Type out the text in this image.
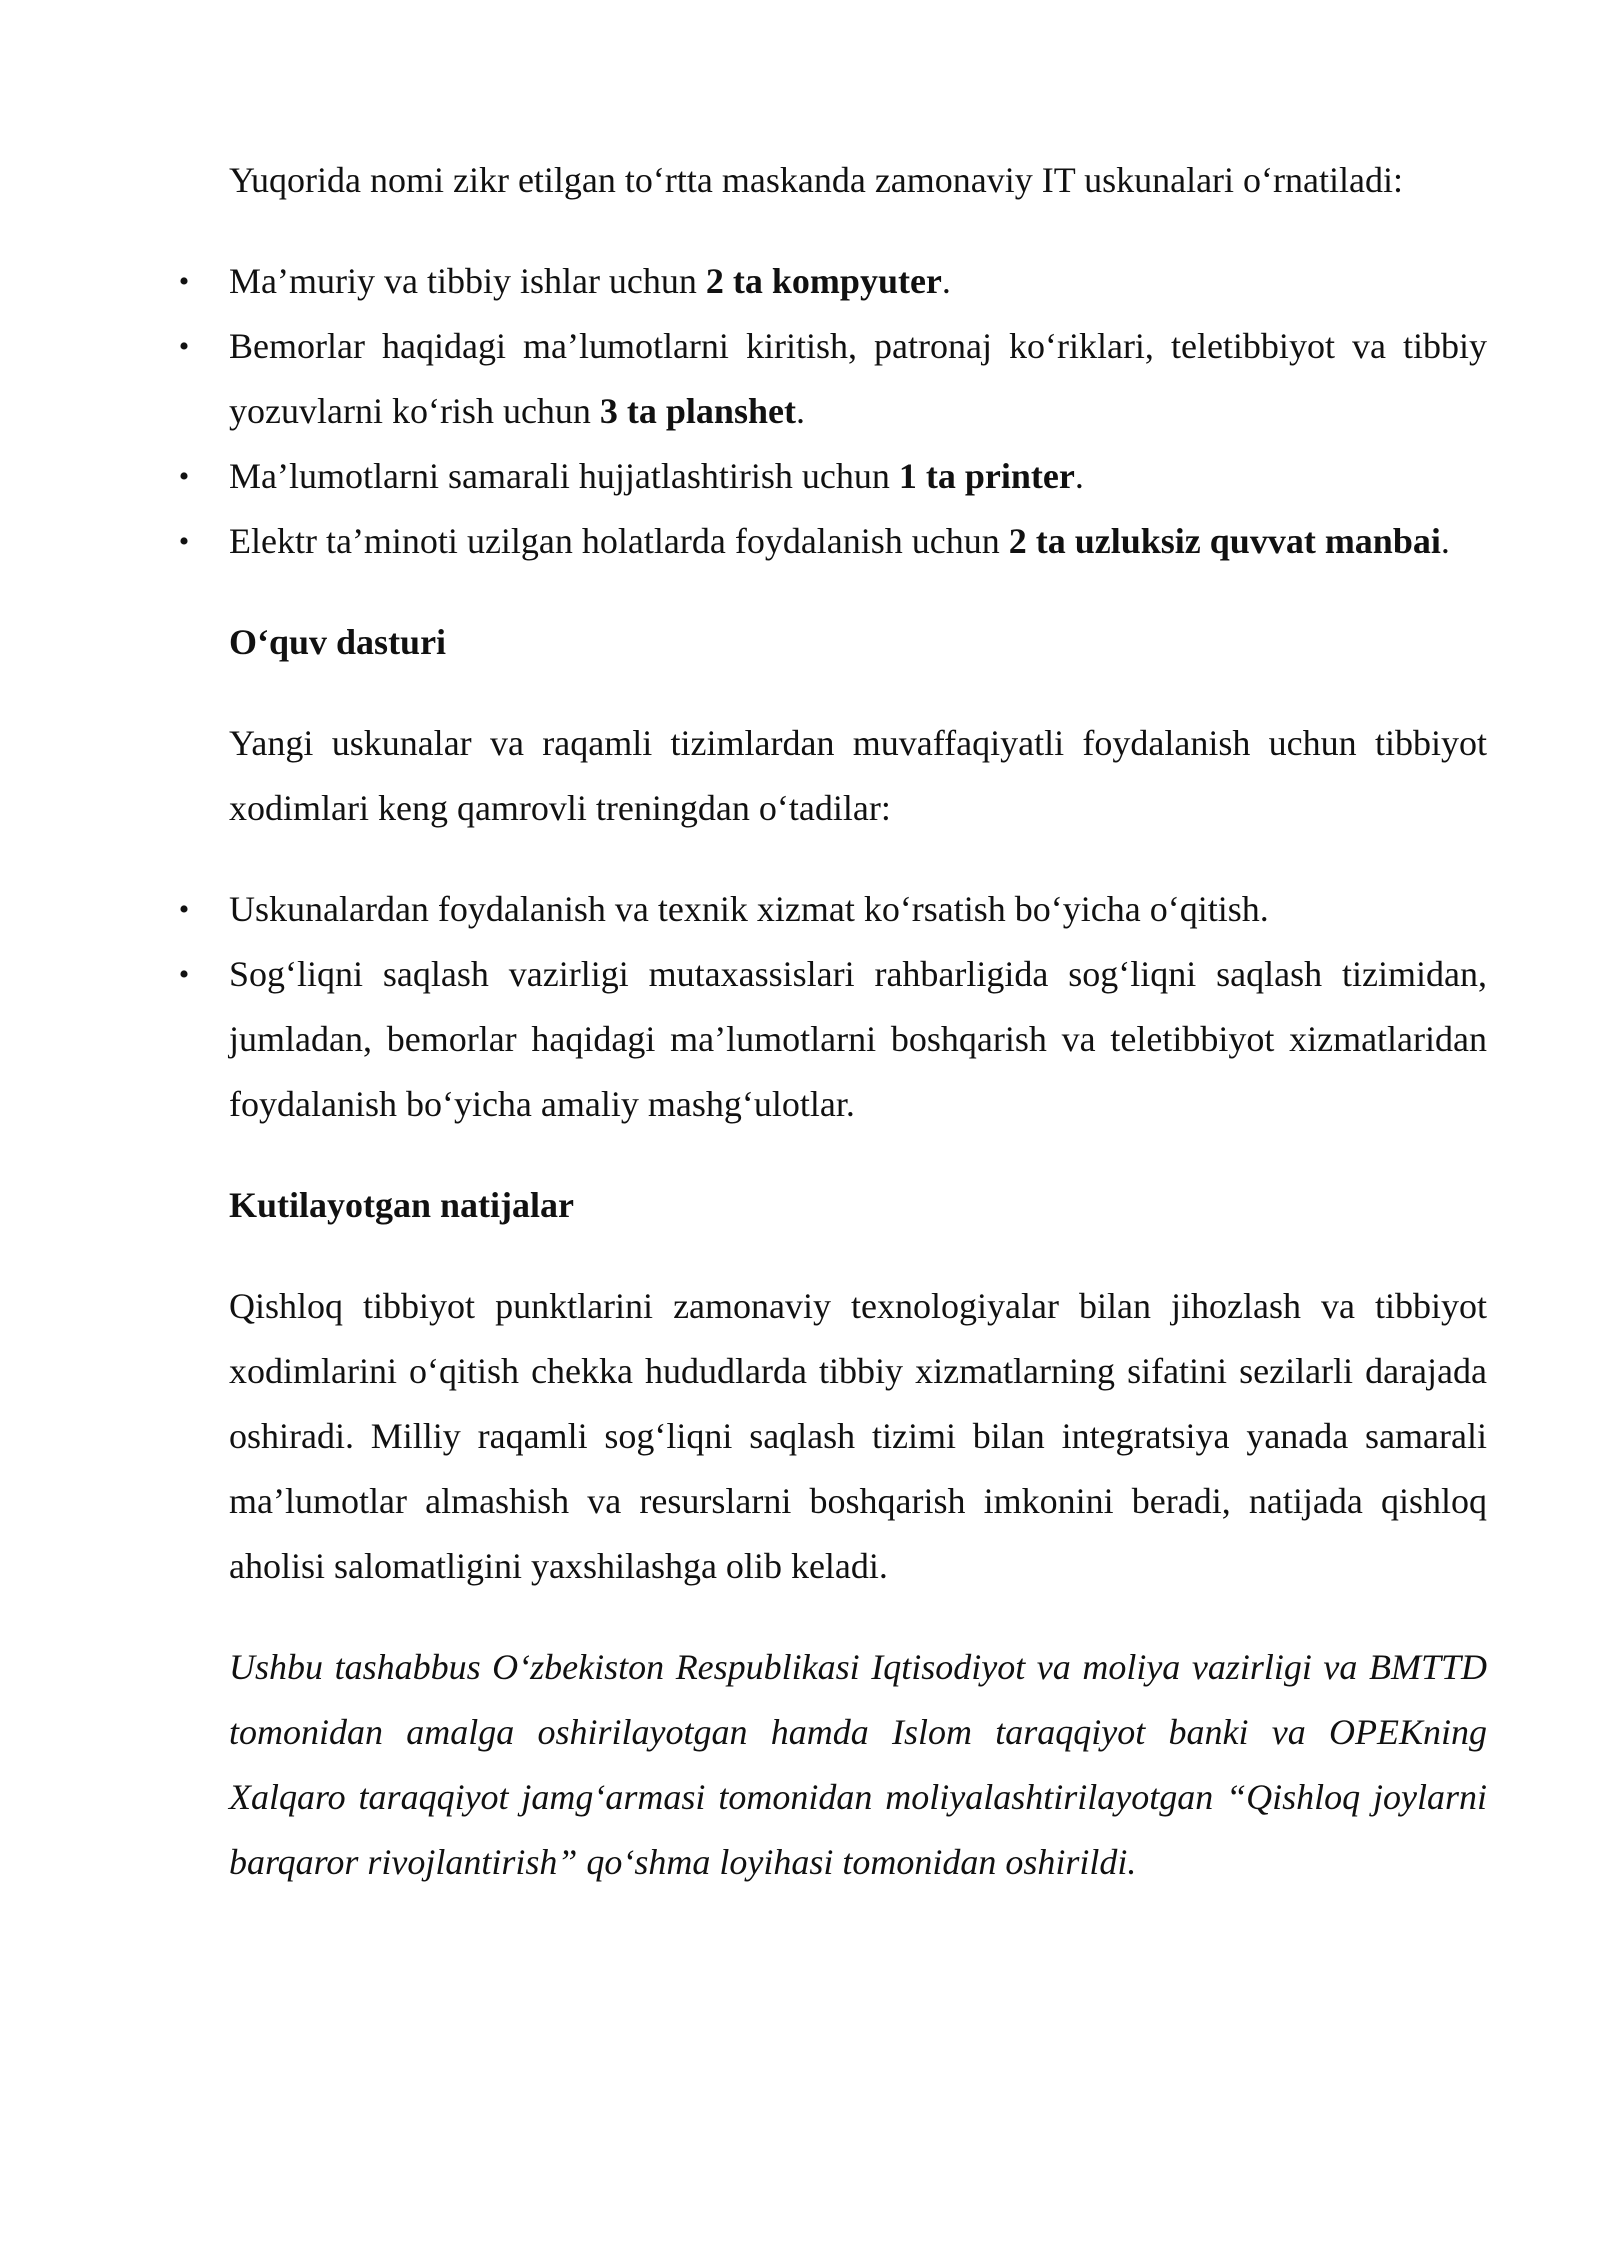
Yuqorida nomi zikr etilgan to‘rtta maskanda zamonaviy IT uskunalari o‘rnatiladi:

• Ma’muriy va tibbiy ishlar uchun 2 ta kompyuter.
• Bemorlar haqidagi ma’lumotlarni kiritish, patronaj ko‘riklari, teletibbiyot va tibbiy yozuvlarni ko‘rish uchun 3 ta planshet.
• Ma’lumotlarni samarali hujjatlashtirish uchun 1 ta printer.
• Elektr ta’minoti uzilgan holatlarda foydalanish uchun 2 ta uzluksiz quvvat manbai.

O‘quv dasturi

Yangi uskunalar va raqamli tizimlardan muvaffaqiyatli foydalanish uchun tibbiyot xodimlari keng qamrovli treningdan o‘tadilar:

• Uskunalardan foydalanish va texnik xizmat ko‘rsatish bo‘yicha o‘qitish.
• Sog‘liqni saqlash vazirligi mutaxassislari rahbarligida sog‘liqni saqlash tizimidan, jumladan, bemorlar haqidagi ma’lumotlarni boshqarish va teletibbiyot xizmatlaridan foydalanish bo‘yicha amaliy mashg‘ulotlar.

Kutilayotgan natijalar

Qishloq tibbiyot punktlarini zamonaviy texnologiyalar bilan jihozlash va tibbiyot xodimlarini o‘qitish chekka hududlarda tibbiy xizmatlarning sifatini sezilarli darajada oshiradi. Milliy raqamli sog‘liqni saqlash tizimi bilan integratsiya yanada samarali ma’lumotlar almashish va resurslarni boshqarish imkonini beradi, natijada qishloq aholisi salomatligini yaxshilashga olib keladi.

Ushbu tashabbus O‘zbekiston Respublikasi Iqtisodiyot va moliya vazirligi va BMTTD tomonidan amalga oshirilayotgan hamda Islom taraqqiyot banki va OPEKning Xalqaro taraqqiyot jamg‘armasi tomonidan moliyalashtirilayotgan “Qishloq joylarni barqaror rivojlantirish” qo‘shma loyihasi tomonidan oshirildi.
